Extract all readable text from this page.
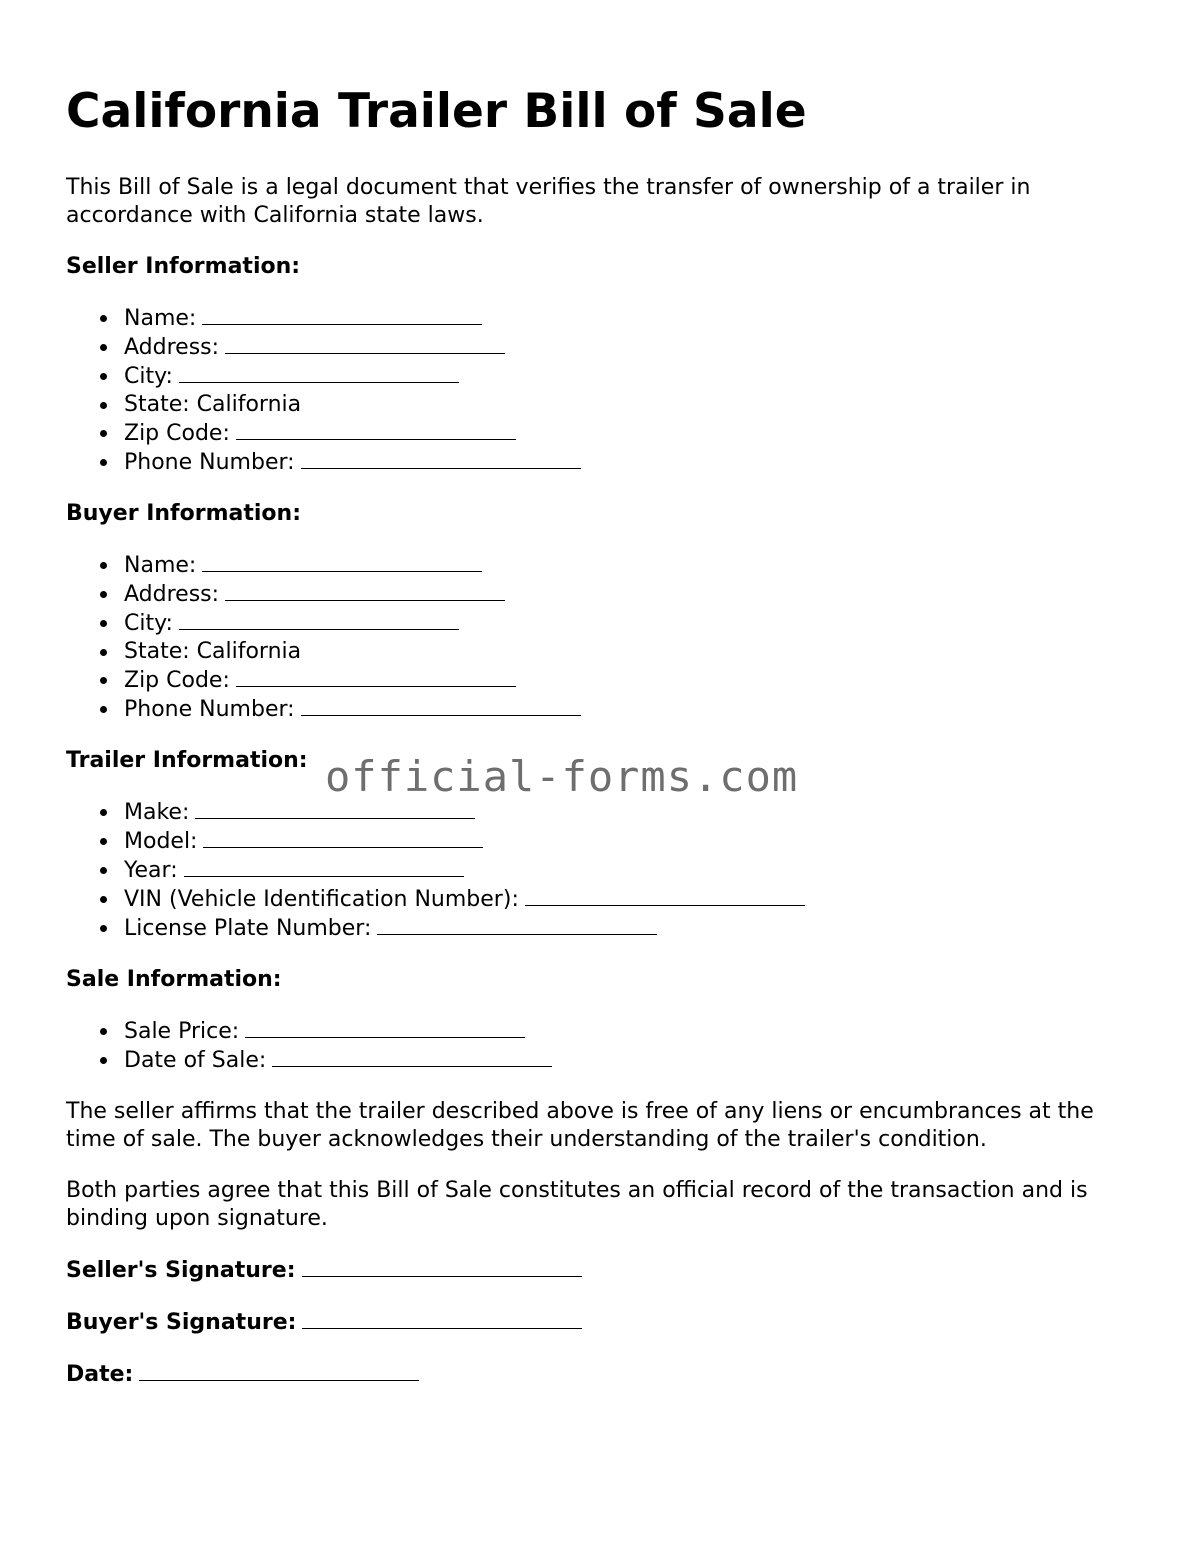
California Trailer Bill of Sale

This Bill of Sale is a legal document that verifies the transfer of ownership of a trailer in accordance with California state laws.

Seller Information:
Name:
Address:
City:
State: California
Zip Code:
Phone Number:
Buyer Information:
Name:
Address:
City:
State: California
Zip Code:
Phone Number:
Trailer Information:
Make:
Model:
Year:
VIN (Vehicle Identification Number):
License Plate Number:
Sale Information:
Sale Price:
Date of Sale:

The seller affirms that the trailer described above is free of any liens or encumbrances at the time of sale. The buyer acknowledges their understanding of the trailer's condition.

Both parties agree that this Bill of Sale constitutes an official record of the transaction and is binding upon signature.

Seller's Signature:
Buyer's Signature:
Date:
official-forms.com
